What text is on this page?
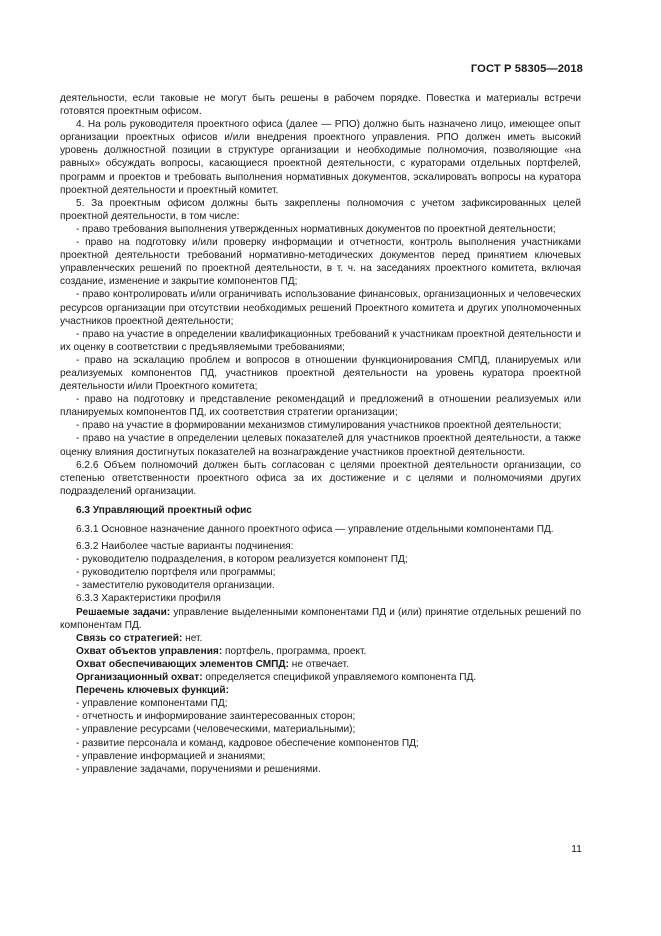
ГОСТ Р 58305—2018

деятельности, если таковые не могут быть решены в рабочем порядке. Повестка и материалы встречи готовятся проектным офисом.

4. На роль руководителя проектного офиса (далее — РПО) должно быть назначено лицо, имеющее опыт организации проектных офисов и/или внедрения проектного управления. РПО должен иметь высокий уровень должностной позиции в структуре организации и необходимые полномочия, позволяющие «на равных» обсуждать вопросы, касающиеся проектной деятельности, с кураторами отдельных портфелей, программ и проектов и требовать выполнения нормативных документов, эскалировать вопросы на куратора проектной деятельности и проектный комитет.

5. За проектным офисом должны быть закреплены полномочия с учетом зафиксированных целей проектной деятельности, в том числе:

- право требования выполнения утвержденных нормативных документов по проектной деятельности;

- право на подготовку и/или проверку информации и отчетности, контроль выполнения участниками проектной деятельности требований нормативно-методических документов перед принятием ключевых управленческих решений по проектной деятельности, в т. ч. на заседаниях проектного комитета, включая создание, изменение и закрытие компонентов ПД;

- право контролировать и/или ограничивать использование финансовых, организационных и человеческих ресурсов организации при отсутствии необходимых решений Проектного комитета и других уполномоченных участников проектной деятельности;

- право на участие в определении квалификационных требований к участникам проектной деятельности и их оценку в соответствии с предъявляемыми требованиями;

- право на эскалацию проблем и вопросов в отношении функционирования СМПД, планируемых или реализуемых компонентов ПД, участников проектной деятельности на уровень куратора проектной деятельности и/или Проектного комитета;

- право на подготовку и представление рекомендаций и предложений в отношении реализуемых или планируемых компонентов ПД, их соответствия стратегии организации;

- право на участие в формировании механизмов стимулирования участников проектной деятельности;

- право на участие в определении целевых показателей для участников проектной деятельности, а также оценку влияния достигнутых показателей на вознаграждение участников проектной деятельности.

6.2.6 Объем полномочий должен быть согласован с целями проектной деятельности организации, со степенью ответственности проектного офиса за их достижение и с целями и полномочиями других подразделений организации.

6.3 Управляющий проектный офис

6.3.1 Основное назначение данного проектного офиса — управление отдельными компонентами ПД.

6.3.2 Наиболее частые варианты подчинения:

- руководителю подразделения, в котором реализуется компонент ПД;

- руководителю портфеля или программы;

- заместителю руководителя организации.

6.3.3 Характеристики профиля

Решаемые задачи: управление выделенными компонентами ПД и (или) принятие отдельных решений по компонентам ПД.

Связь со стратегией: нет.

Охват объектов управления: портфель, программа, проект.

Охват обеспечивающих элементов СМПД: не отвечает.

Организационный охват: определяется спецификой управляемого компонента ПД.

Перечень ключевых функций:

- управление компонентами ПД;

- отчетность и информирование заинтересованных сторон;

- управление ресурсами (человеческими, материальными);

- развитие персонала и команд, кадровое обеспечение компонентов ПД;

- управление информацией и знаниями;

- управление задачами, поручениями и решениями.

11
